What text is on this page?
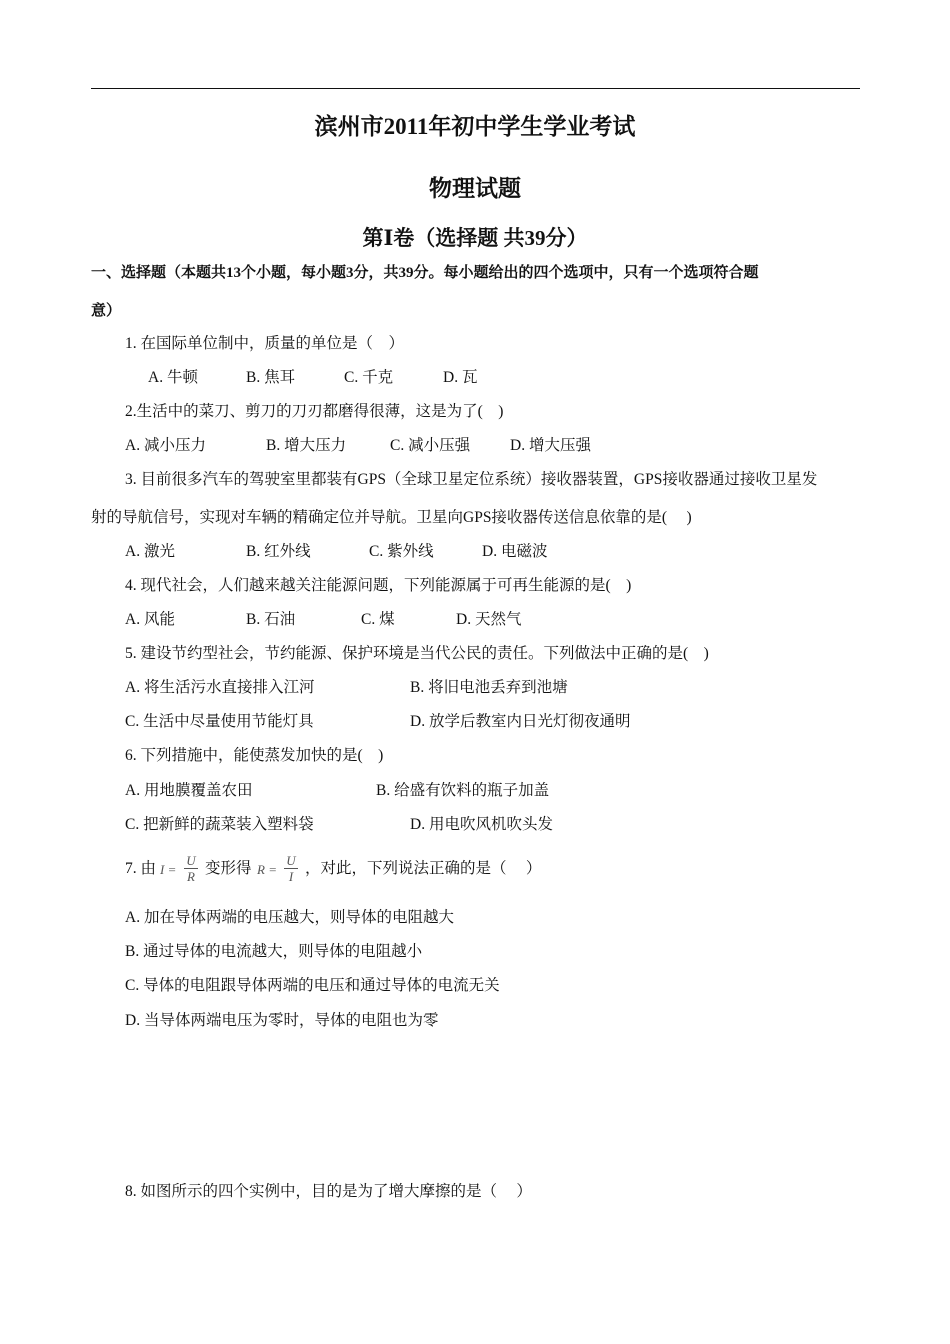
滨州市2011年初中学生学业考试
物理试题
第Ⅰ卷（选择题 共39分）
一、选择题（本题共13个小题，每小题3分，共39分。每小题给出的四个选项中，只有一个选项符合题
意）
1. 在国际单位制中，质量的单位是（　）
A. 牛顿	B. 焦耳	C. 千克	D. 瓦
2.生活中的菜刀、剪刀的刀刃都磨得很薄，这是为了(　)
A. 减小压力	B. 增大压力	C. 减小压强	D. 增大压强
3. 目前很多汽车的驾驶室里都装有GPS（全球卫星定位系统）接收器装置，GPS接收器通过接收卫星发
射的导航信号，实现对车辆的精确定位并导航。卫星向GPS接收器传送信息依靠的是(　 )
A. 激光	B. 红外线	C. 紫外线	D. 电磁波
4. 现代社会，人们越来越关注能源问题，下列能源属于可再生能源的是(　)
A. 风能	B. 石油	C. 煤	D. 天然气
5. 建设节约型社会，节约能源、保护环境是当代公民的责任。下列做法中正确的是(　)
A. 将生活污水直接排入江河	B. 将旧电池丢弃到池塘
C. 生活中尽量使用节能灯具	D. 放学后教室内日光灯彻夜通明
6. 下列措施中，能使蒸发加快的是(　)
A. 用地膜覆盖农田	B. 给盛有饮料的瓶子加盖
C. 把新鲜的蔬菜装入塑料袋	D. 用电吹风机吹头发
7. 由 $I = \frac{U}{R}$ 变形得 $R = \frac{U}{I}$ ，对此，下列说法正确的是（　 ）
A. 加在导体两端的电压越大，则导体的电阻越大
B. 通过导体的电流越大，则导体的电阻越小
C. 导体的电阻跟导体两端的电压和通过导体的电流无关
D. 当导体两端电压为零时，导体的电阻也为零
8. 如图所示的四个实例中，目的是为了增大摩擦的是（　 ）
